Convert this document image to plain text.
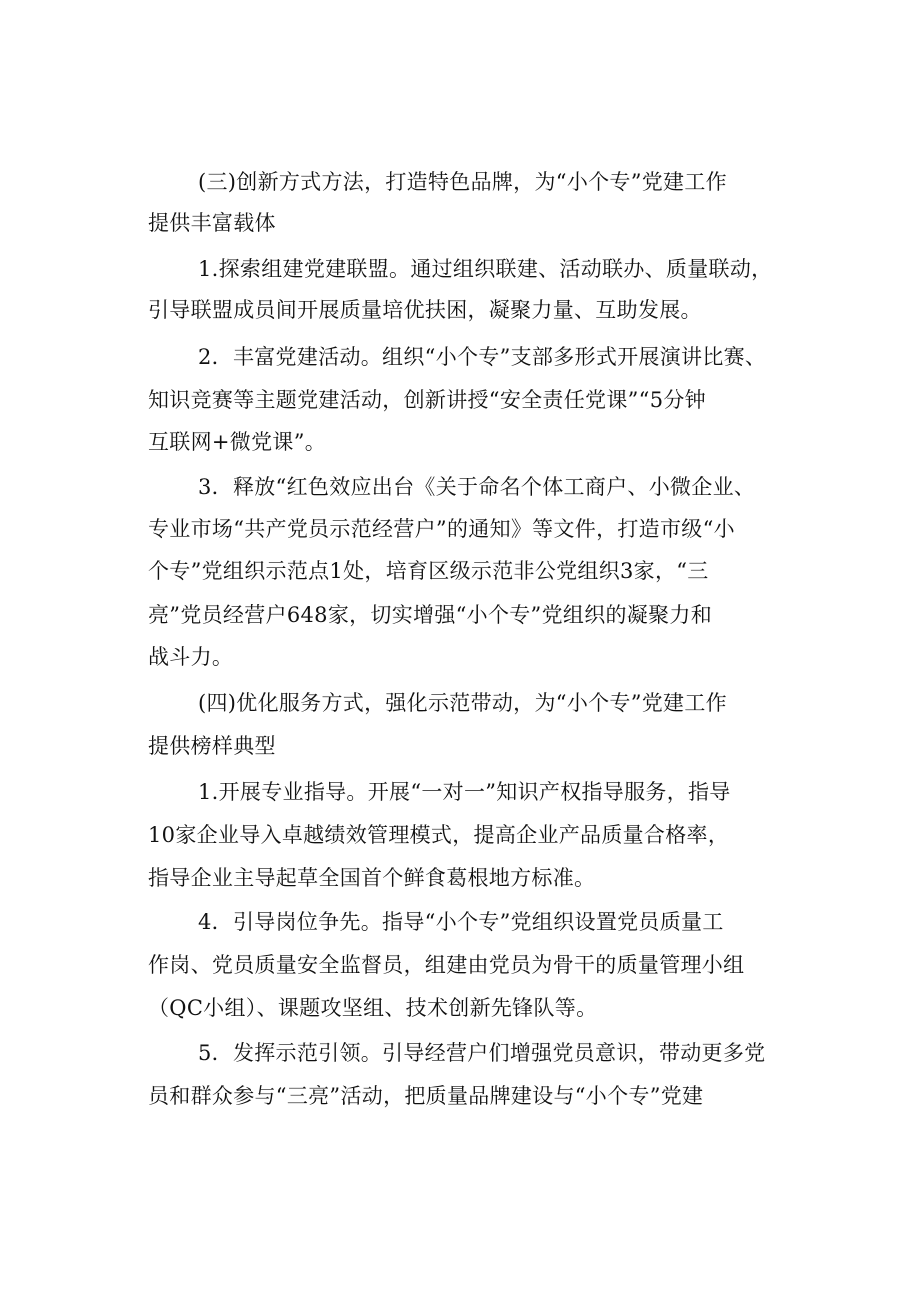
(三)创新方式方法，打造特色品牌，为“小个专”党建工作
提供丰富载体
1.探索组建党建联盟。通过组织联建、活动联办、质量联动，
引导联盟成员间开展质量培优扶困，凝聚力量、互助发展。
2．丰富党建活动。组织“小个专”支部多形式开展演讲比赛、
知识竞赛等主题党建活动，创新讲授“安全责任党课”“5分钟
互联网+微党课”。
3．释放“红色效应出台《关于命名个体工商户、小微企业、
专业市场“共产党员示范经营户”的通知》等文件，打造市级“小
个专”党组织示范点1处，培育区级示范非公党组织3家，“三
亮”党员经营户648家，切实增强“小个专”党组织的凝聚力和
战斗力。
(四)优化服务方式，强化示范带动，为“小个专”党建工作
提供榜样典型
1.开展专业指导。开展“一对一”知识产权指导服务，指导
10家企业导入卓越绩效管理模式，提高企业产品质量合格率，
指导企业主导起草全国首个鲜食葛根地方标准。
4．引导岗位争先。指导“小个专”党组织设置党员质量工
作岗、党员质量安全监督员，组建由党员为骨干的质量管理小组
（QC小组）、课题攻坚组、技术创新先锋队等。
5．发挥示范引领。引导经营户们增强党员意识，带动更多党
员和群众参与“三亮”活动，把质量品牌建设与“小个专”党建
